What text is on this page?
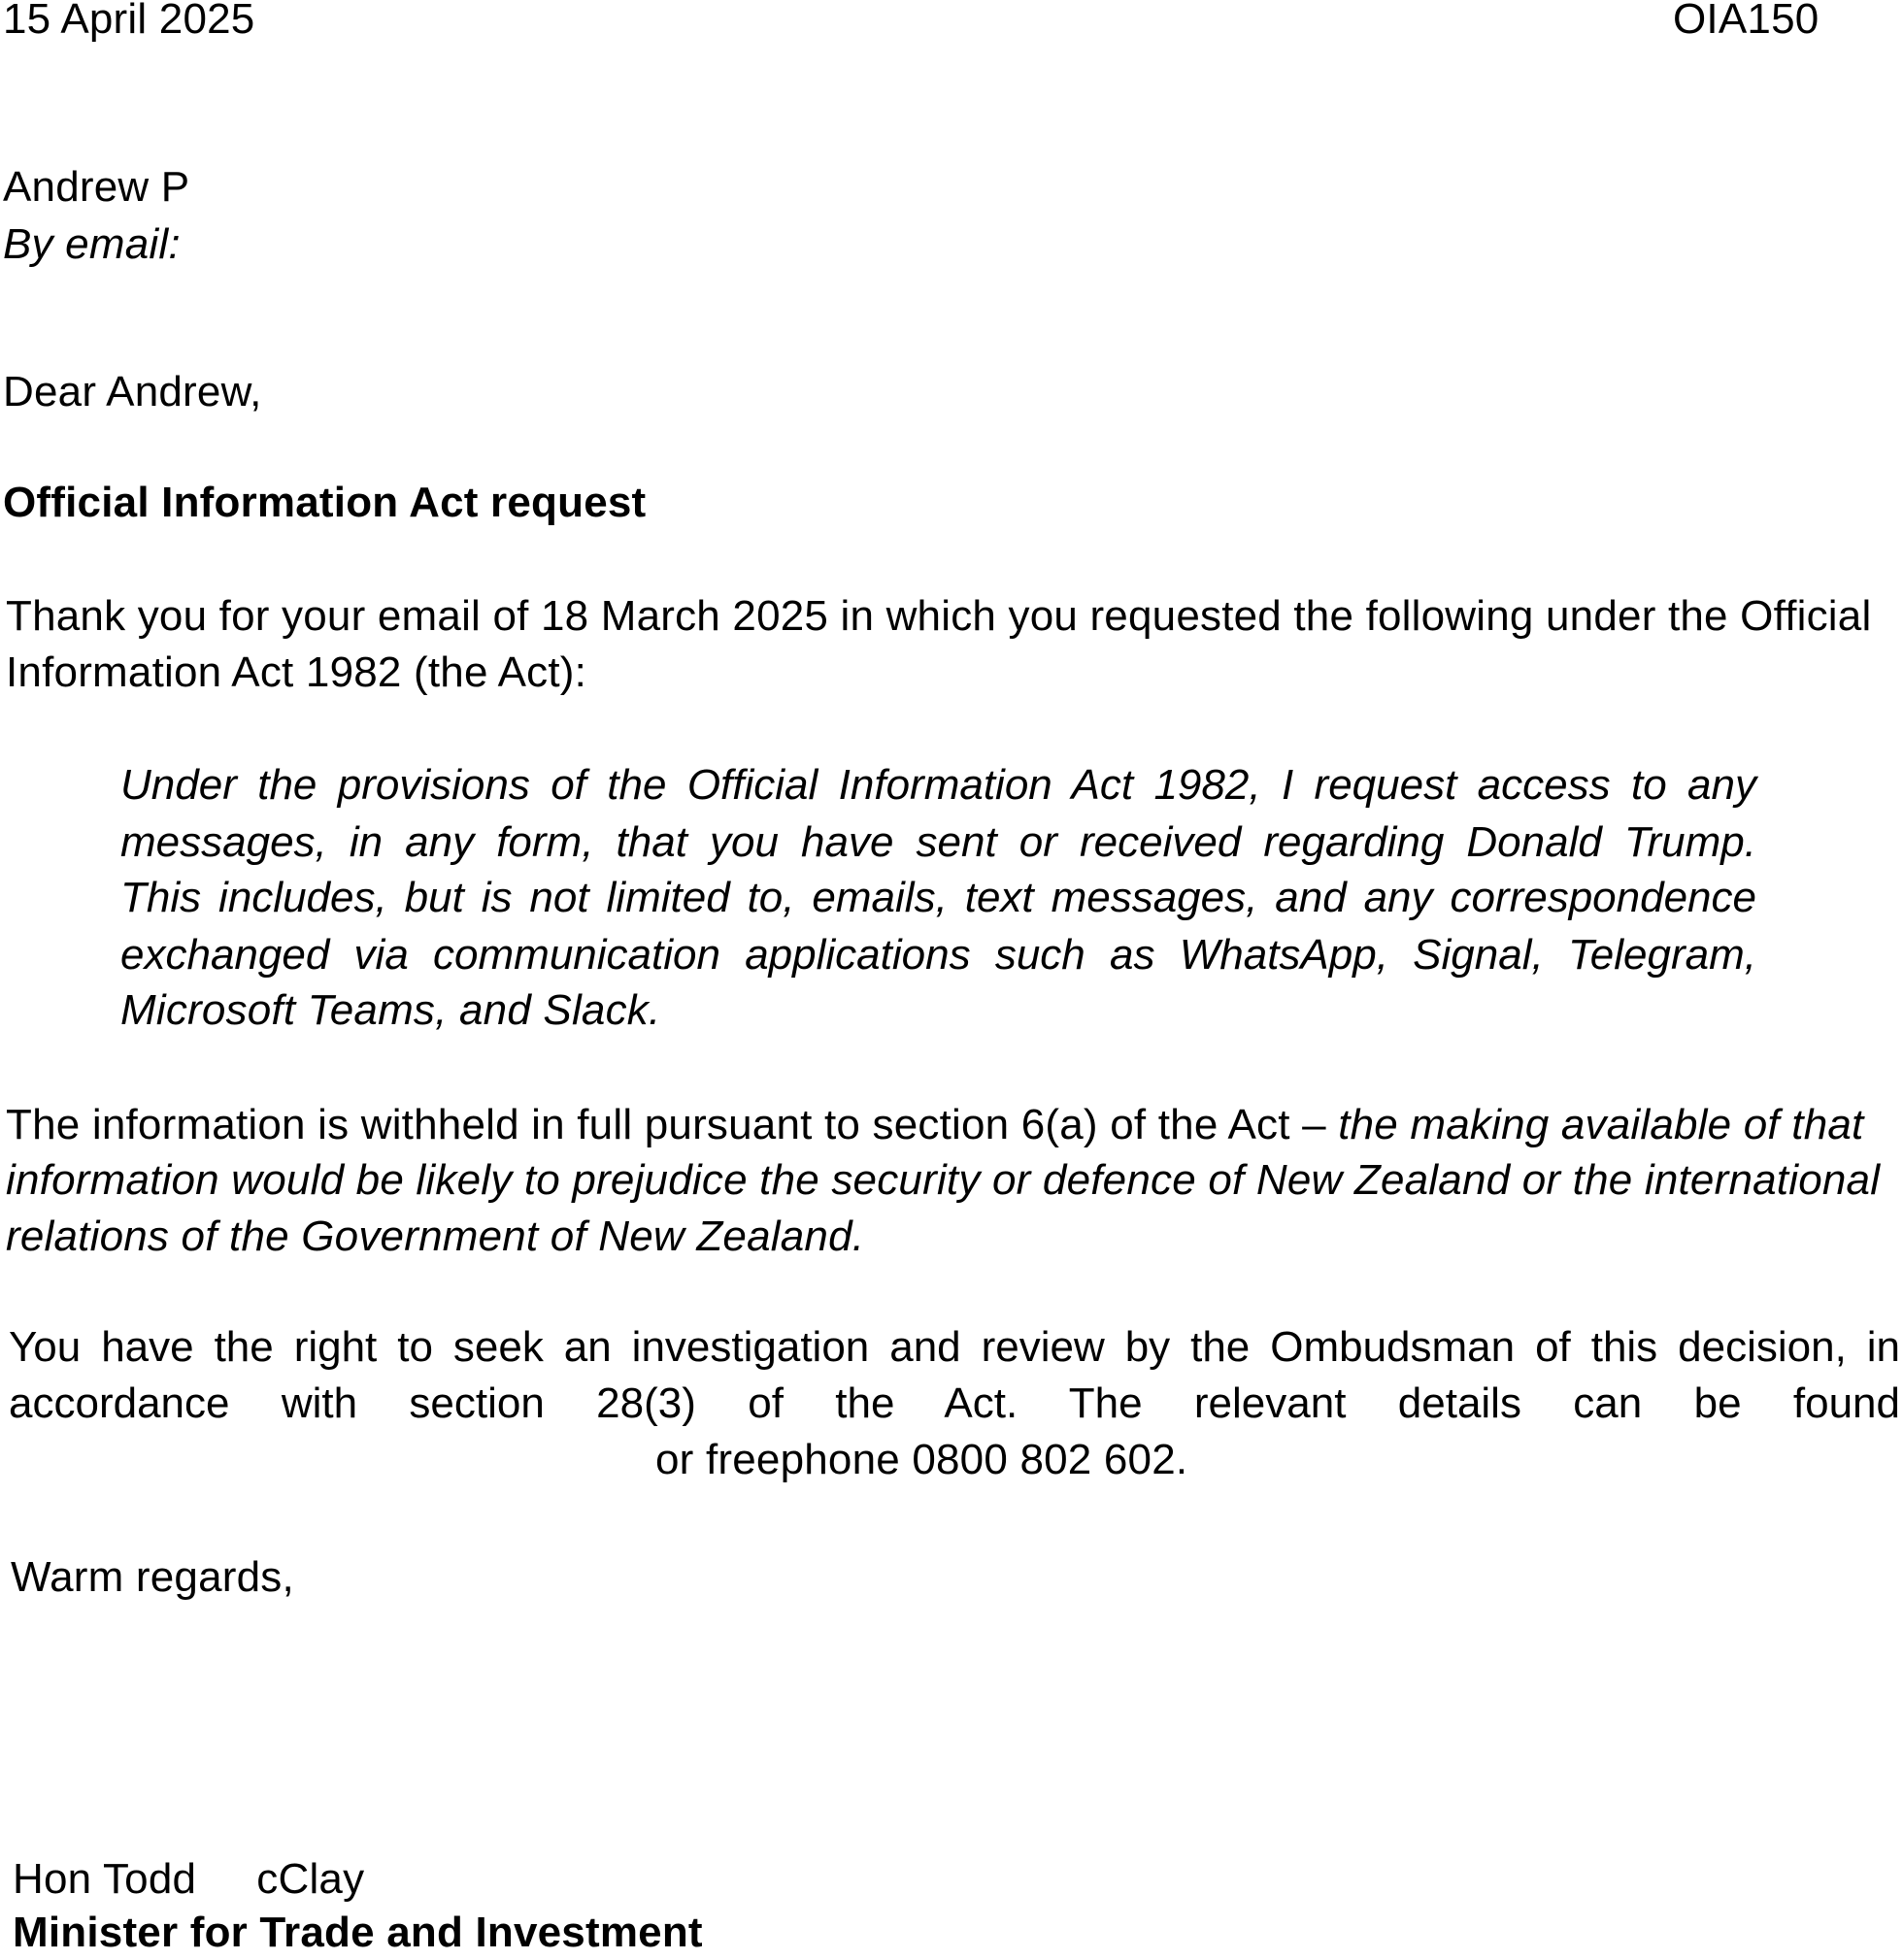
15 April 2025	OIA150
Andrew P
By email:
Dear Andrew,
Official Information Act request
Thank you for your email of 18 March 2025 in which you requested the following under the Official
Information Act 1982 (the Act):
Under the provisions of the Official Information Act 1982, I request access to any
messages, in any form, that you have sent or received regarding Donald Trump.
This includes, but is not limited to, emails, text messages, and any correspondence
exchanged via communication applications such as WhatsApp, Signal, Telegram,
Microsoft Teams, and Slack.
The information is withheld in full pursuant to section 6(a) of the Act – the making available of that
information would be likely to prejudice the security or defence of New Zealand or the international
relations of the Government of New Zealand.
You have the right to seek an investigation and review by the Ombudsman of this decision, in
accordance with section 28(3) of the Act. The relevant details can be found
or freephone 0800 802 602.
Warm regards,
Hon Todd     cClay
Minister for Trade and Investment
